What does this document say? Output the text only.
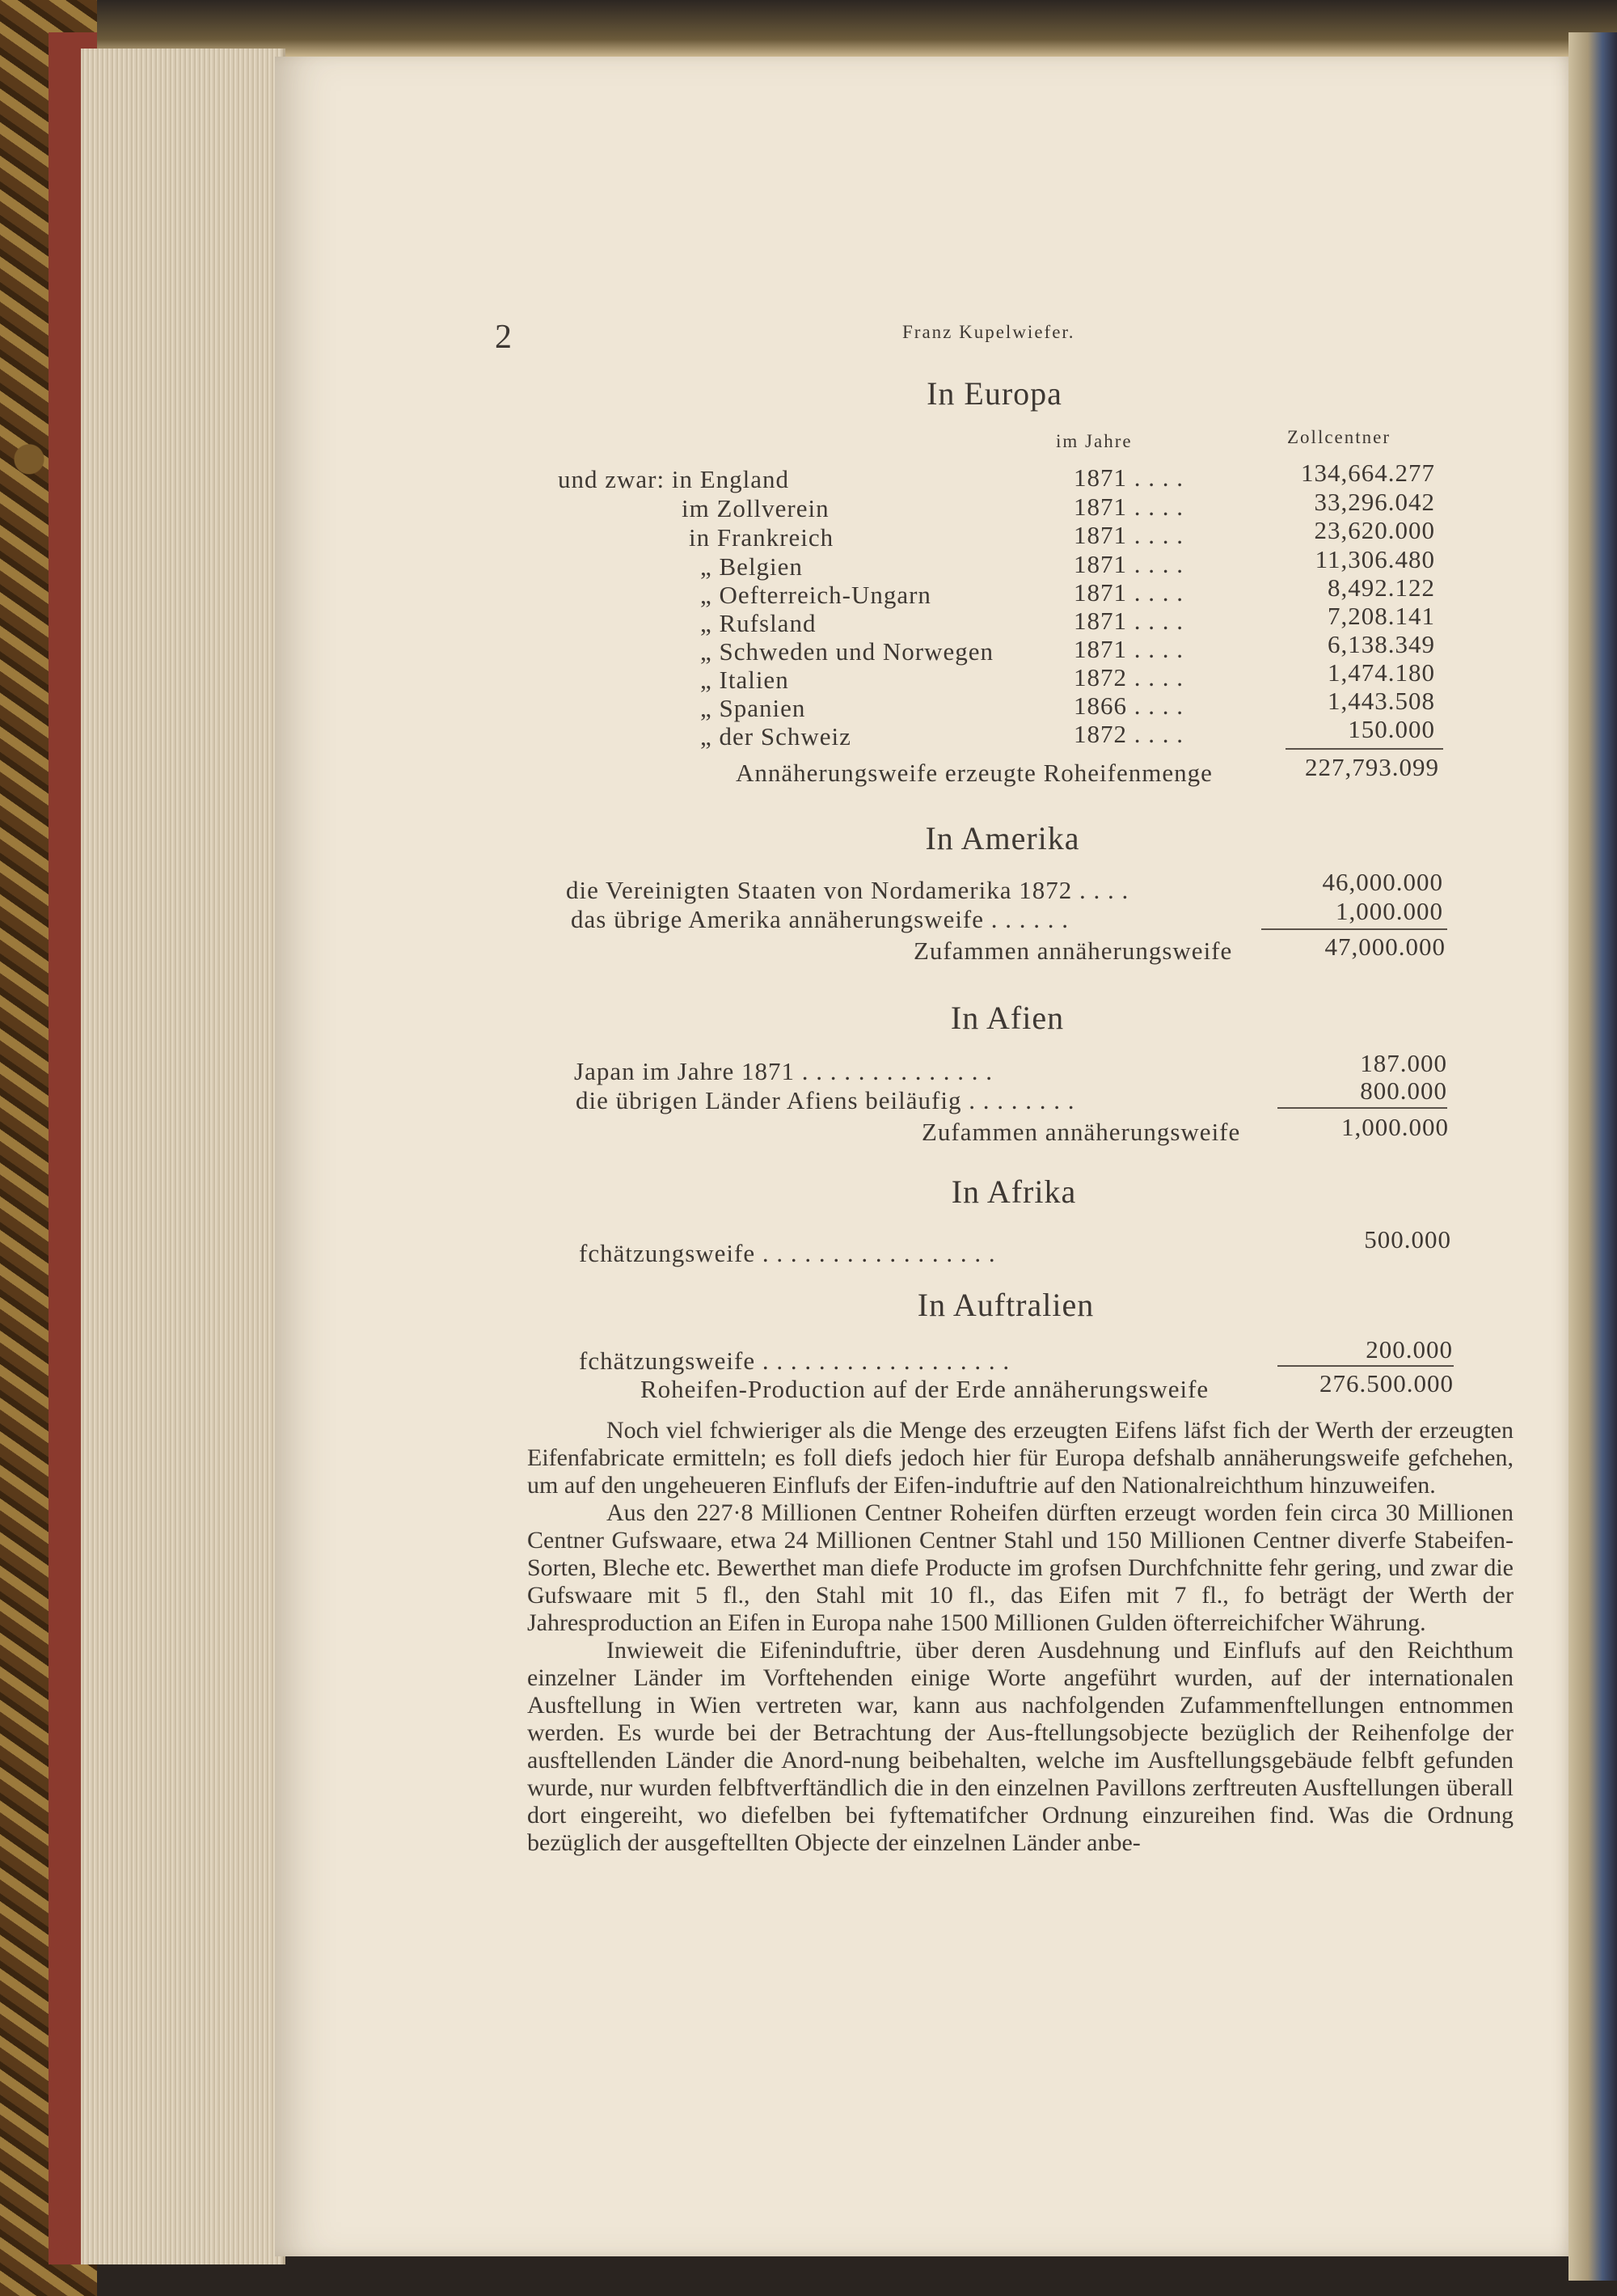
2	Franz Kupelwiefer.
In Europa
im Jahre	Zollcentner
und zwar: in England	1871 . . . .	134,664.277
im Zollverein	1871 . . . .	33,296.042
in Frankreich	1871 . . . .	23,620.000
„ Belgien	1871 . . . .	11,306.480
„ Oefterreich-Ungarn	1871 . . . .	8,492.122
„ Rufsland	1871 . . . .	7,208.141
„ Schweden und Norwegen	1871 . . . .	6,138.349
„ Italien	1872 . . . .	1,474.180
„ Spanien	1866 . . . .	1,443.508
„ der Schweiz	1872 . . . .	150.000
Annäherungsweife erzeugte Roheifenmenge	227,793.099
In Amerika
die Vereinigten Staaten von Nordamerika 1872 . . . .	46,000.000
das übrige Amerika annäherungsweife . . . . . .	1,000.000
Zufammen annäherungsweife	47,000.000
In Afien
Japan im Jahre 1871 . . . . . . . . . . . . . .	187.000
die übrigen Länder Afiens beiläufig . . . . . . . .	800.000
Zufammen annäherungsweife	1,000.000
In Afrika
fchätzungsweife . . . . . . . . . . . . . . . . .	500.000
In Auftralien
fchätzungsweife . . . . . . . . . . . . . . . . . .	200.000
Roheifen-Production auf der Erde annäherungsweife	276.500.000

Noch viel fchwieriger als die Menge des erzeugten Eifens läfst fich der Werth der erzeugten Eifenfabricate ermitteln; es foll diefs jedoch hier für Europa defshalb annäherungsweife gefchehen, um auf den ungeheueren Einflufs der Eifen-induftrie auf den Nationalreichthum hinzuweifen.

Aus den 227·8 Millionen Centner Roheifen dürften erzeugt worden fein circa 30 Millionen Centner Gufswaare, etwa 24 Millionen Centner Stahl und 150 Millionen Centner diverfe Stabeifen-Sorten, Bleche etc. Bewerthet man diefe Producte im grofsen Durchfchnitte fehr gering, und zwar die Gufswaare mit 5 fl., den Stahl mit 10 fl., das Eifen mit 7 fl., fo beträgt der Werth der Jahresproduction an Eifen in Europa nahe 1500 Millionen Gulden öfterreichifcher Währung.

Inwieweit die Eifeninduftrie, über deren Ausdehnung und Einflufs auf den Reichthum einzelner Länder im Vorftehenden einige Worte angeführt wurden, auf der internationalen Ausftellung in Wien vertreten war, kann aus nachfolgenden Zufammenftellungen entnommen werden. Es wurde bei der Betrachtung der Aus-ftellungsobjecte bezüglich der Reihenfolge der ausftellenden Länder die Anord-nung beibehalten, welche im Ausftellungsgebäude felbft gefunden wurde, nur wurden felbftverftändlich die in den einzelnen Pavillons zerftreuten Ausftellungen überall dort eingereiht, wo diefelben bei fyftematifcher Ordnung einzureihen find. Was die Ordnung bezüglich der ausgeftellten Objecte der einzelnen Länder anbe-
